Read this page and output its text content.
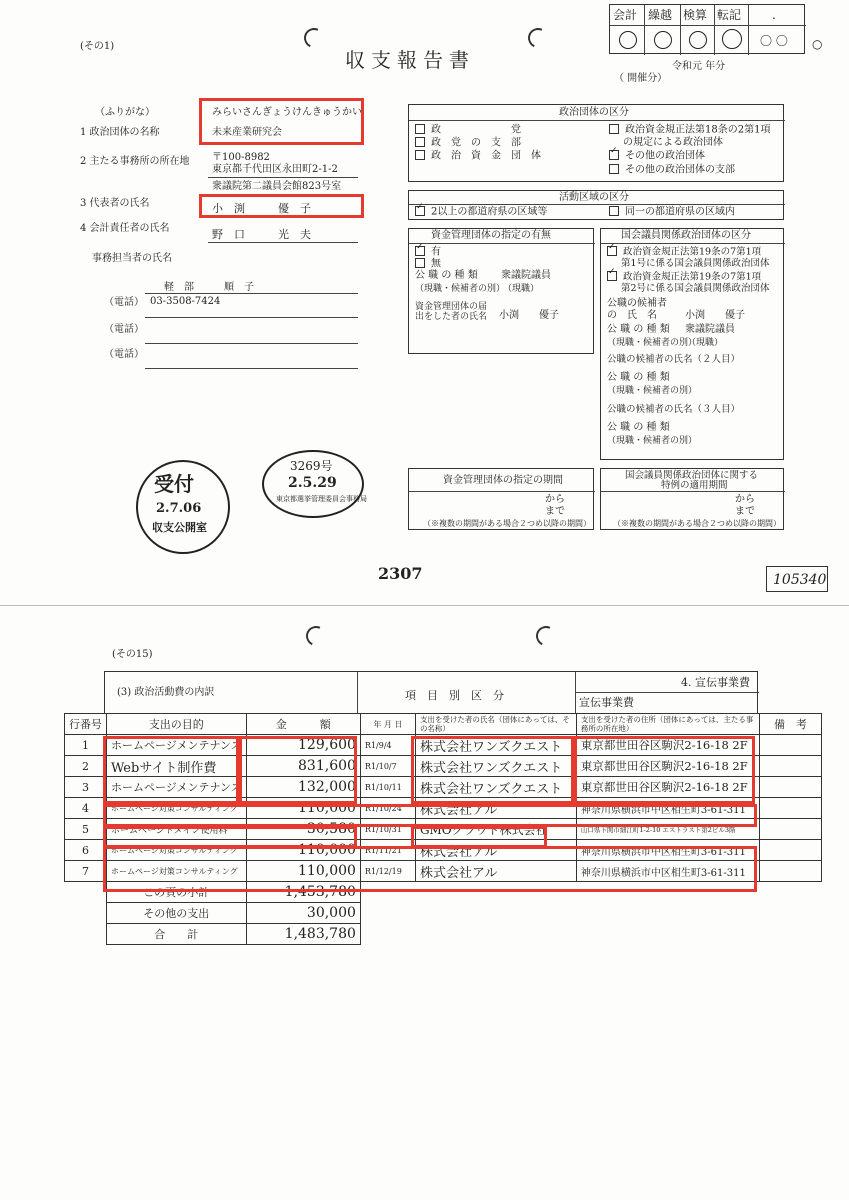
(その1)
収支報告書
会計 繰越 検算 転記	.
〇 〇 ○
令和元 年分
（ 開催分）
（ふりがな）	みらいさんぎょうけんきゅうかい
1 政治団体の名称	未来産業研究会
2 主たる事務所の所在地 〒100-8982
東京都千代田区永田町2-1-2
衆議院第二議員会館823号室
3 代表者の氏名	小　渕　　　優　子
4 会計責任者の氏名	野　口　　　光　夫
事務担当者の氏名
軽　部　　　順　子
（電話） 03-3508-7424
（電話）
（電話）
政治団体の区分
政　　　　　　　党
政　党　の　支　部
政　治　資　金　団　体
政治資金規正法第18条の2第1項
の規定による政治団体
✓その他の政治団体
その他の政治団体の支部
活動区域の区分
✓2以上の都道府県の区域等	同一の都道府県の区域内
資金管理団体の指定の有無
✓有
無
公 職 の 種 類 衆議院議員
（現職・候補者の別）
（現職）
資金管理団体の届
出をした者の氏名 小渕　　優子
国会議員関係政治団体の区分
✓政治資金規正法第19条の7第1項
第1号に係る国会議員関係政治団体
✓政治資金規正法第19条の7第1項
第2号に係る国会議員関係政治団体
公職の候補者
の　氏　名	小渕　　優子
公 職 の 種 類 衆議院議員
（現職・候補者の別）
（現職）
公職の候補者の氏名（２人目）
公 職 の 種 類
（現職・候補者の別）
公職の候補者の氏名（３人目）
公 職 の 種 類
（現職・候補者の別）
資金管理団体の指定の期間
から
まで
（※複数の期間がある場合２つめ以降の期間）
国会議員関係政治団体に関する
特例の適用期間
から
まで
（※複数の期間がある場合２つめ以降の期間）
受付
2.7.06
収支公開室
3269号
2.5.29
東京都選挙管理委員会事務局
2307	105340
(その15)
(3) 政治活動費の内訳	項　目　別　区　分
4. 宣伝事業費
宣伝事業費
行番号	支出の目的	金　　　額	年 月 日	支出を受けた者の氏名（団体にあっては、その名称）	支出を受けた者の住所（団体にあっては、主たる事務所の所在地）	備　考
1	ホームページメンテナンス	129,600	R1/9/4	株式会社ワンズクエスト	東京都世田谷区駒沢2-16-18 2F	
2	Webサイト制作費	831,600	R1/10/7	株式会社ワンズクエスト	東京都世田谷区駒沢2-16-18 2F	
3	ホームページメンテナンス	132,000	R1/10/11	株式会社ワンズクエスト	東京都世田谷区駒沢2-16-18 2F	
4	ホームページ対策コンサルティング	110,000	R1/10/24	株式会社アル	神奈川県横浜市中区相生町3-61-311	
5	ホームページドメイン使用料	30,580	R1/10/31	GMOクラウド株式会社	山口県下関市細江町1-2-10 エストラスト第2ビル3階	
6	ホームページ対策コンサルティング	110,000	R1/11/21	株式会社アル	神奈川県横浜市中区相生町3-61-311	
7	ホームページ対策コンサルティング	110,000	R1/12/19	株式会社アル	神奈川県横浜市中区相生町3-61-311	
	この頁の小計	1,453,780				
	その他の支出	30,000				
	合　　計	1,483,780				
